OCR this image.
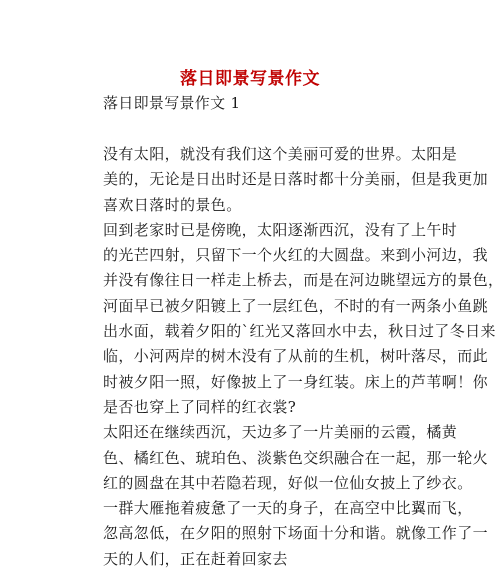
落日即景写景作文
落日即景写景作文 1
没有太阳，就没有我们这个美丽可爱的世界。太阳是
美的，无论是日出时还是日落时都十分美丽，但是我更加
喜欢日落时的景色。
回到老家时已是傍晚，太阳逐渐西沉，没有了上午时
的光芒四射，只留下一个火红的大圆盘。来到小河边，我
并没有像往日一样走上桥去，而是在河边眺望远方的景色，
河面早已被夕阳镀上了一层红色，不时的有一两条小鱼跳
出水面，载着夕阳的`红光又落回水中去，秋日过了冬日来
临，小河两岸的树木没有了从前的生机，树叶落尽，而此
时被夕阳一照，好像披上了一身红装。床上的芦苇啊！你
是否也穿上了同样的红衣裳?
太阳还在继续西沉，天边多了一片美丽的云霞，橘黄
色、橘红色、琥珀色、淡紫色交织融合在一起，那一轮火
红的圆盘在其中若隐若现，好似一位仙女披上了纱衣。
一群大雁拖着疲惫了一天的身子，在高空中比翼而飞，
忽高忽低，在夕阳的照射下场面十分和谐。就像工作了一
天的人们，正在赶着回家去
